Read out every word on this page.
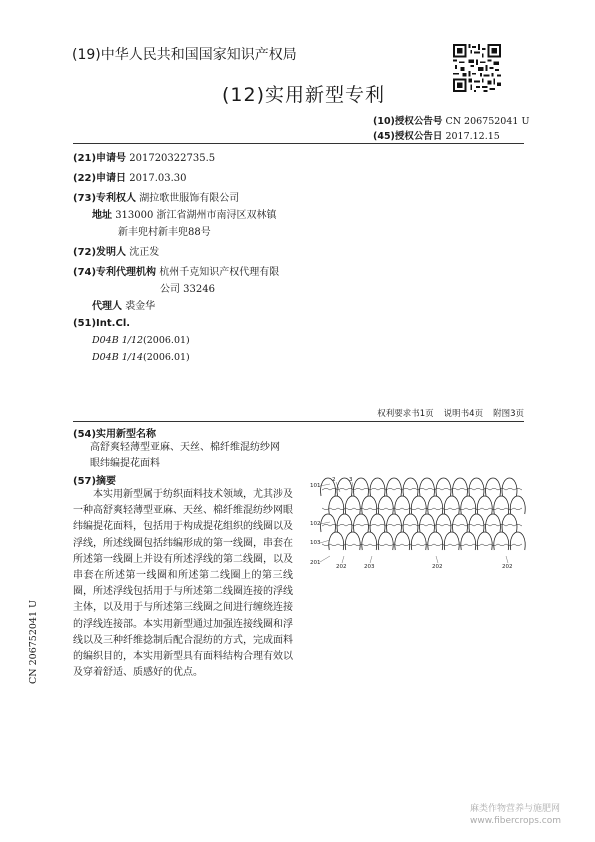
(19)中华人民共和国国家知识产权局
(12)实用新型专利
(10)授权公告号 CN 206752041 U
(45)授权公告日 2017.12.15
(21)申请号 201720322735.5
(22)申请日 2017.03.30
(73)专利权人 湖拉歌世服饰有限公司
地址 313000 浙江省湖州市南浔区双林镇
新丰兜村新丰兜88号
(72)发明人 沈正发
(74)专利代理机构 杭州千克知识产权代理有限
公司 33246
代理人 裘金华
(51)Int.Cl.
D04B 1/12(2006.01)
D04B 1/14(2006.01)
权利要求书1页 说明书4页 附图3页
(54)实用新型名称
高舒爽轻薄型亚麻、天丝、棉纤维混纺纱网
眼纬编提花面料
(57)摘要
本实用新型属于纺织面料技术领域，尤其涉及一种高舒爽轻薄型亚麻、天丝、棉纤维混纺纱网眼纬编提花面料，包括用于构成提花组织的线圈以及浮线，所述线圈包括纬编形成的第一线圈，串套在所述第一线圈上并设有所述浮线的第二线圈，以及串套在所述第一线圈和所述第二线圈上的第三线圈，所述浮线包括用于与所述第二线圈连接的浮线主体，以及用于与所述第三线圈之间进行缠绕连接的浮线连接部。本实用新型通过加强连接线圈和浮线以及三种纤维捻制后配合混纺的方式，完成面料的编织目的，本实用新型具有面料结构合理有效以及穿着舒适、质感好的优点。
101
2 3
102
103
201
202	203	202	202
CN 206752041 U
麻类作物营养与施肥网
www.fibercrops.com
